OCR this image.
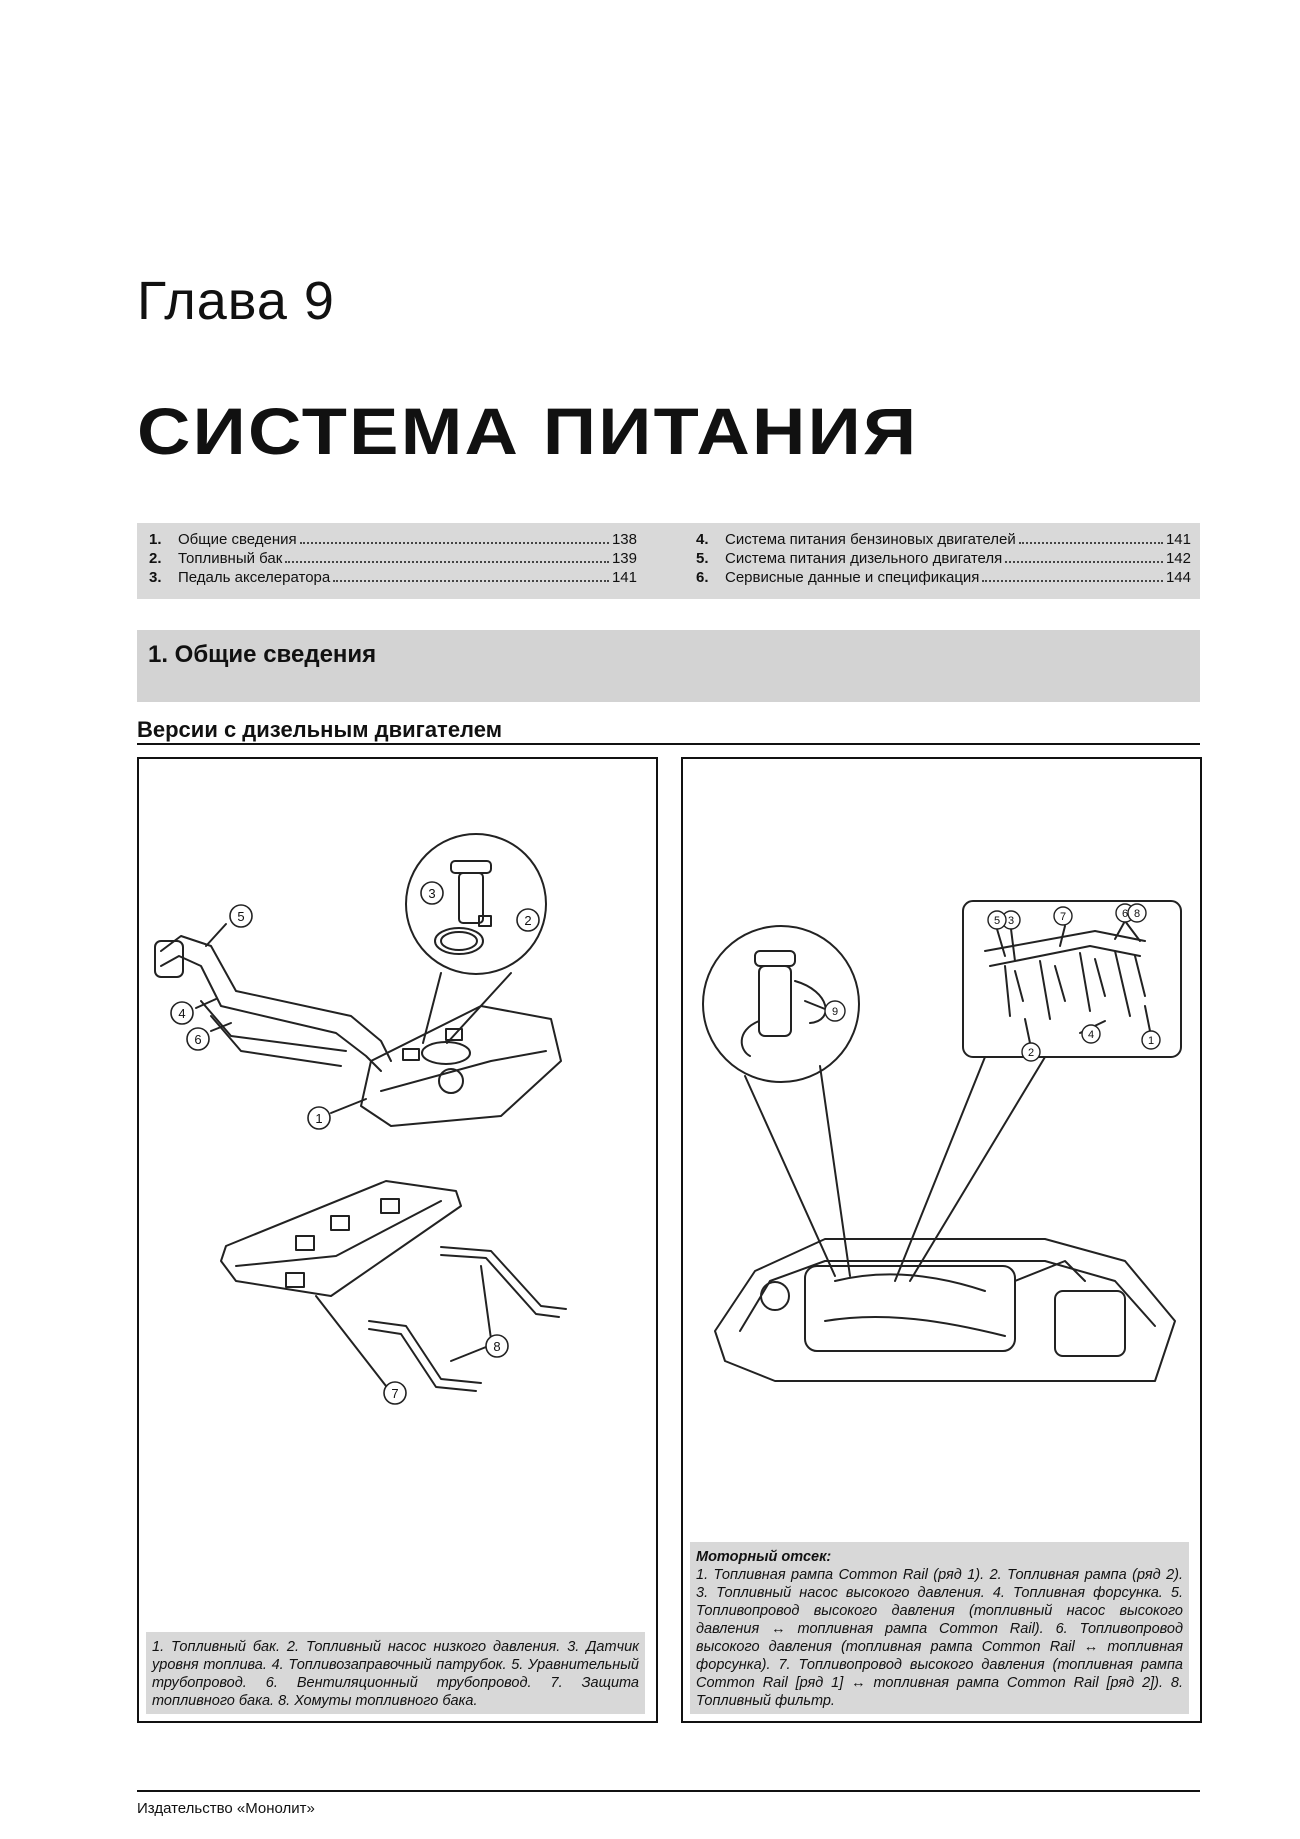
Глава 9
СИСТЕМА ПИТАНИЯ
1.	Общие сведения	138
2.	Топливный бак	139
3.	Педаль акселератора	141
4.	Система питания бензиновых двигателей	141
5.	Система питания дизельного двигателя	142
6.	Сервисные данные и спецификация	144
1. Общие сведения
Версии с дизельным двигателем
1
2
3
4
5
6
7
8
1. Топливный бак. 2. Топливный насос низкого давления. 3. Датчик уровня топлива. 4. Топливозаправочный патрубок. 5. Уравнительный трубопровод. 6. Вентиляционный трубопровод. 7. Защита топливного бака. 8. Хомуты топливного бака.
1
2
3
4
5
6
7	8
9
Моторный отсек:
1. Топливная рампа Common Rail (ряд 1). 2. Топливная рампа (ряд 2). 3. Топливный насос высокого давления. 4. Топливная форсунка. 5. Топливопровод высокого давления (топливный насос высокого давления ↔ топливная рампа Common Rail). 6. Топливопровод высокого давления (топливная рампа Common Rail ↔ топливная форсунка). 7. Топливопровод высокого давления (топливная рампа Common Rail [ряд 1] ↔ топливная рампа Common Rail [ряд 2]). 8. Топливный фильтр.
Издательство «Монолит»
